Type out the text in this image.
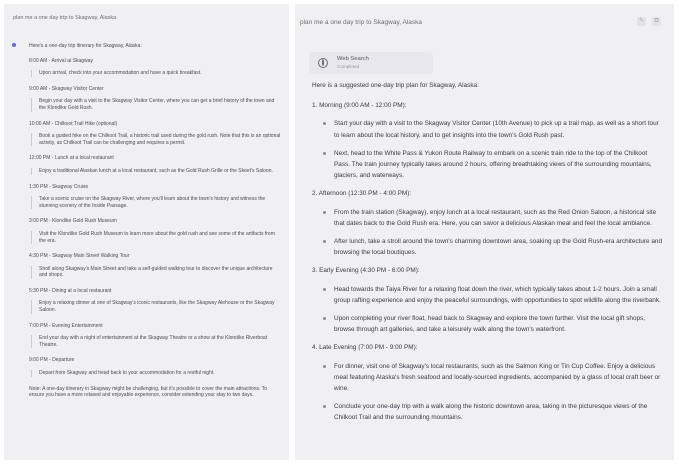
plan me a one day trip to Skagway, Alaska

Here's a one-day trip itinerary for Skagway, Alaska:

8:00 AM - Arrival at Skagway

Upon arrival, check into your accommodation and have a quick breakfast.

9:00 AM - Skagway Visitor Center

Begin your day with a visit to the Skagway Visitor Center, where you can get a brief history of the town and the Klondike Gold Rush.

10:00 AM - Chilkoot Trail Hike (optional)

Book a guided hike on the Chilkoot Trail, a historic trail used during the gold rush. Note that this is an optional activity, as Chilkoot Trail can be challenging and requires a permit.

12:00 PM - Lunch at a local restaurant

Enjoy a traditional Alaskan lunch at a local restaurant, such as the Gold Rush Grille or the Skeet's Saloon.

1:30 PM - Skagway Cruise

Take a scenic cruise on the Skagway River, where you'll learn about the town's history and witness the stunning scenery of the Inside Passage.

3:00 PM - Klondike Gold Rush Museum

Visit the Klondike Gold Rush Museum to learn more about the gold rush and see some of the artifacts from the era.

4:30 PM - Skagway Main Street Walking Tour

Stroll along Skagway's Main Street and take a self-guided walking tour to discover the unique architecture and shops.

5:30 PM - Dining at a local restaurant

Enjoy a relaxing dinner at one of Skagway's iconic restaurants, like the Skagway Alehouse or the Skagway Saloon.

7:00 PM - Evening Entertainment

End your day with a night of entertainment at the Skagway Theatre or a show at the Klondike Riverboat Theatre.

9:00 PM - Departure

Depart from Skagway and head back to your accommodation for a restful night.

Note: A one-day itinerary in Skagway might be challenging, but it's possible to cover the main attractions. To ensure you have a more relaxed and enjoyable experience, consider extending your stay to two days.

plan me a one day trip to Skagway, Alaska	✎	⧉
Web Search
Completed

Here is a suggested one-day trip plan for Skagway, Alaska:

1. Morning (9:00 AM - 12:00 PM):

Start your day with a visit to the Skagway Visitor Center (10th Avenue) to pick up a trail map, as well as a short tour to learn about the local history, and to get insights into the town's Gold Rush past.

Next, head to the White Pass & Yukon Route Railway to embark on a scenic train ride to the top of the Chilkoot Pass. The train journey typically takes around 2 hours, offering breathtaking views of the surrounding mountains, glaciers, and waterways.

2. Afternoon (12:30 PM - 4:00 PM):

From the train station (Skagway), enjoy lunch at a local restaurant, such as the Red Onion Saloon, a historical site that dates back to the Gold Rush era. Here, you can savor a delicious Alaskan meal and feel the local ambiance.

After lunch, take a stroll around the town's charming downtown area, soaking up the Gold Rush-era architecture and browsing the local boutiques.

3. Early Evening (4:30 PM - 6:00 PM):

Head towards the Taiya River for a relaxing float down the river, which typically takes about 1-2 hours. Join a small group rafting experience and enjoy the peaceful surroundings, with opportunities to spot wildlife along the riverbank.

Upon completing your river float, head back to Skagway and explore the town further. Visit the local gift shops, browse through art galleries, and take a leisurely walk along the town's waterfront.

4. Late Evening (7:00 PM - 9:00 PM):

For dinner, visit one of Skagway's local restaurants, such as the Salmon King or Tin Cup Coffee. Enjoy a delicious meal featuring Alaska's fresh seafood and locally-sourced ingredients, accompanied by a glass of local craft beer or wine.

Conclude your one-day trip with a walk along the historic downtown area, taking in the picturesque views of the Chilkoot Trail and the surrounding mountains.
